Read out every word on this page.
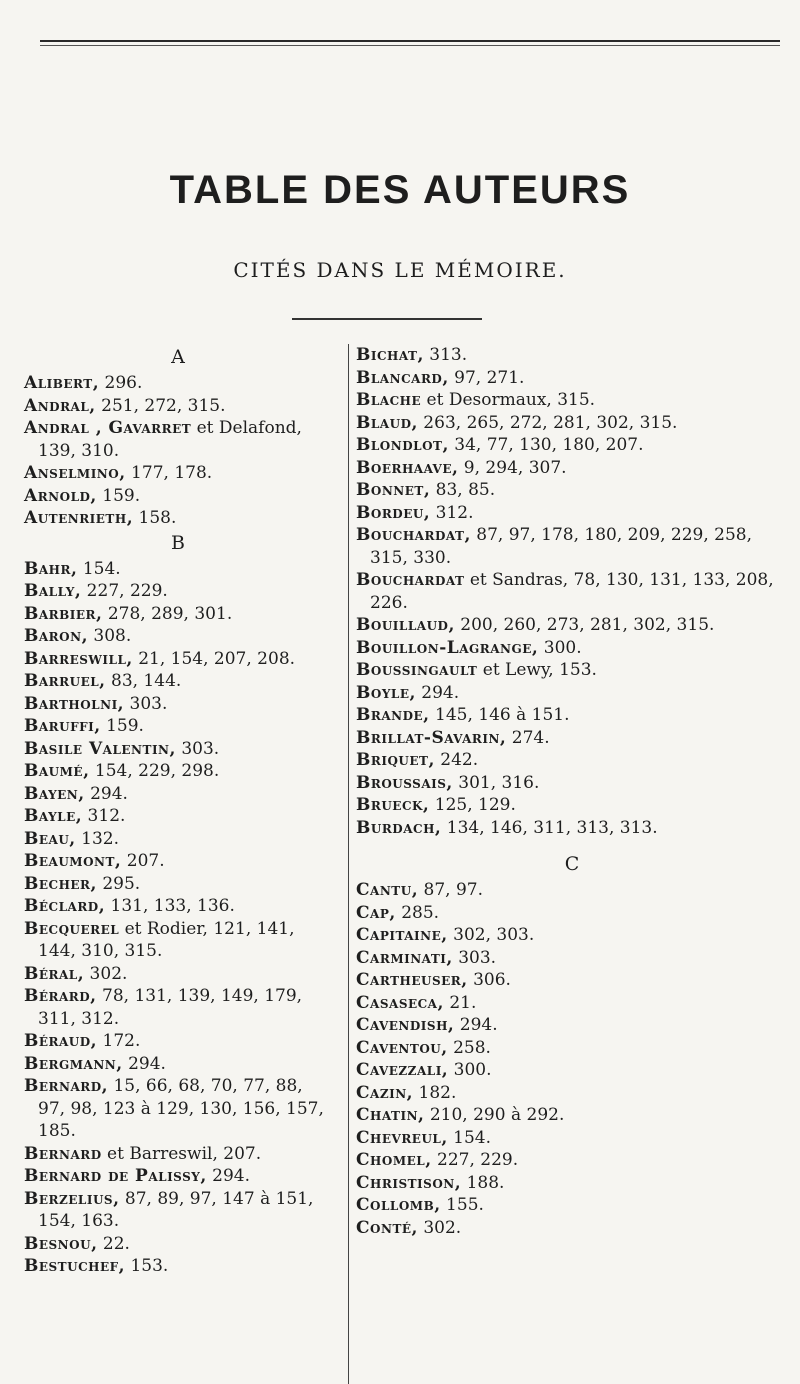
TABLE DES AUTEURS
CITÉS DANS LE MÉMOIRE.
A
Alibert, 296.
Andral, 251, 272, 315.
Andral , Gavarret et Delafond, 139, 310.
Anselmino, 177, 178.
Arnold, 159.
Autenrieth, 158.
B
Bahr, 154.
Bally, 227, 229.
Barbier, 278, 289, 301.
Baron, 308.
Barreswill, 21, 154, 207, 208.
Barruel, 83, 144.
Bartholni, 303.
Baruffi, 159.
Basile Valentin, 303.
Baumé, 154, 229, 298.
Bayen, 294.
Bayle, 312.
Beau, 132.
Beaumont, 207.
Becher, 295.
Béclard, 131, 133, 136.
Becquerel et Rodier, 121, 141, 144, 310, 315.
Béral, 302.
Bérard, 78, 131, 139, 149, 179, 311, 312.
Béraud, 172.
Bergmann, 294.
Bernard, 15, 66, 68, 70, 77, 88, 97, 98, 123 à 129, 130, 156, 157, 185.
Bernard et Barreswil, 207.
Bernard de Palissy, 294.
Berzelius, 87, 89, 97, 147 à 151, 154, 163.
Besnou, 22.
Bestuchef, 153.
Bichat, 313.
Blancard, 97, 271.
Blache et Desormaux, 315.
Blaud, 263, 265, 272, 281, 302, 315.
Blondlot, 34, 77, 130, 180, 207.
Boerhaave, 9, 294, 307.
Bonnet, 83, 85.
Bordeu, 312.
Bouchardat, 87, 97, 178, 180, 209, 229, 258, 315, 330.
Bouchardat et Sandras, 78, 130, 131, 133, 208, 226.
Bouillaud, 200, 260, 273, 281, 302, 315.
Bouillon-Lagrange, 300.
Boussingault et Lewy, 153.
Boyle, 294.
Brande, 145, 146 à 151.
Brillat-Savarin, 274.
Briquet, 242.
Broussais, 301, 316.
Brueck, 125, 129.
Burdach, 134, 146, 311, 313, 313.
C
Cantu, 87, 97.
Cap, 285.
Capitaine, 302, 303.
Carminati, 303.
Cartheuser, 306.
Casaseca, 21.
Cavendish, 294.
Caventou, 258.
Cavezzali, 300.
Cazin, 182.
Chatin, 210, 290 à 292.
Chevreul, 154.
Chomel, 227, 229.
Christison, 188.
Collomb, 155.
Conté, 302.
